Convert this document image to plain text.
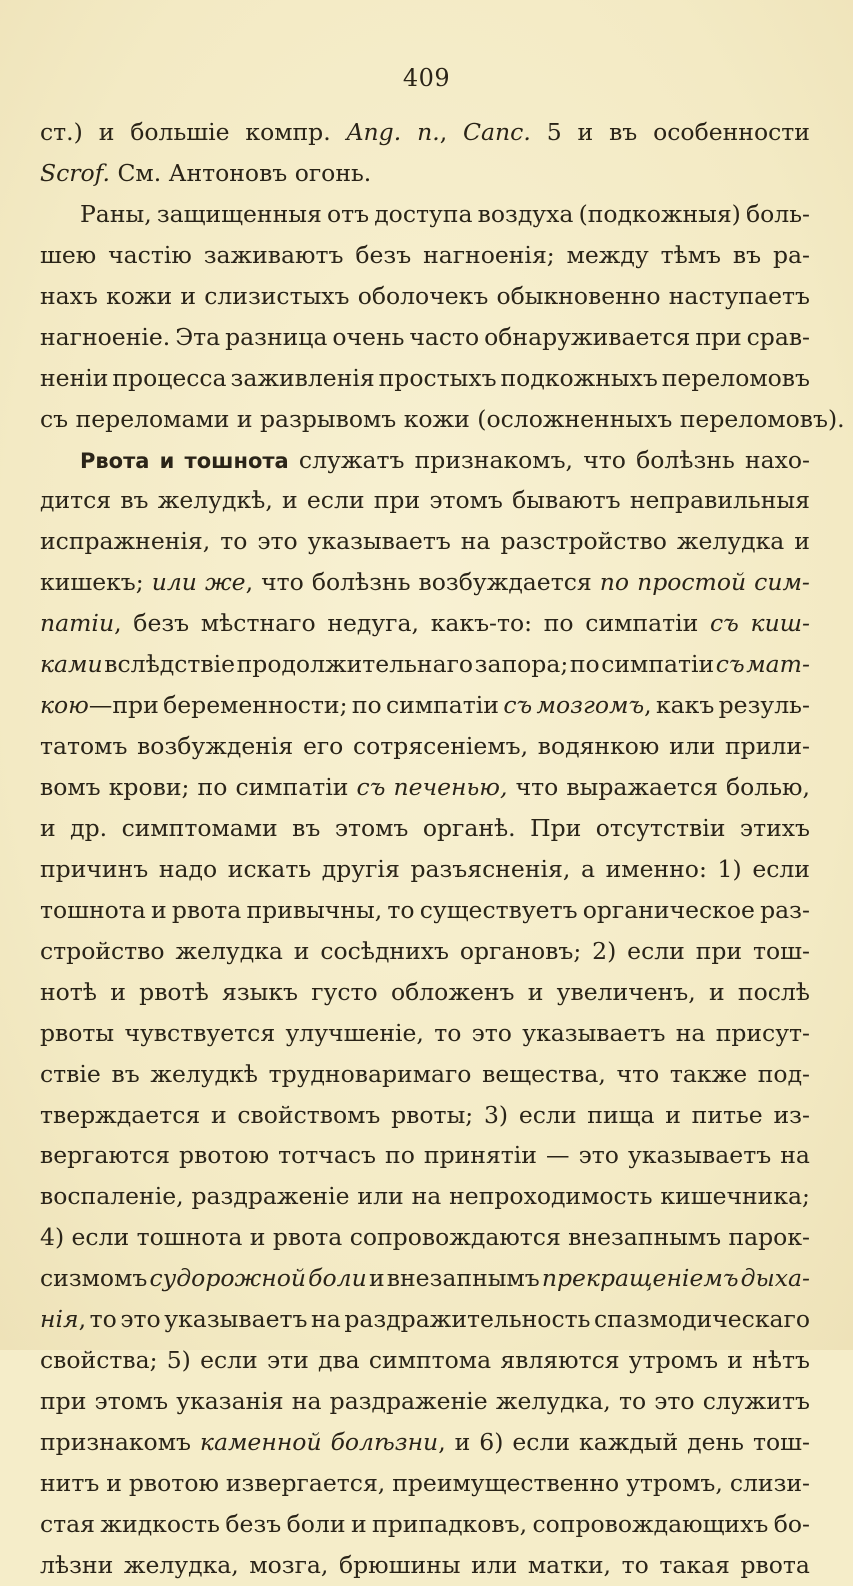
409
ст.) и большіе компр. Ang. n., Canc. 5 и въ особенности
Scrof. См. Антоновъ огонь.
Раны, защищенныя отъ доступа воздуха (подкожныя) боль-
шею частію заживаютъ безъ нагноенія; между тѣмъ въ ра-
нахъ кожи и слизистыхъ оболочекъ обыкновенно наступаетъ
нагноеніе. Эта разница очень часто обнаруживается при срав-
неніи процесса заживленія простыхъ подкожныхъ переломовъ
съ переломами и разрывомъ кожи (осложненныхъ переломовъ).
Рвота и тошнота служатъ признакомъ, что болѣзнь нахо-
дится въ желудкѣ, и если при этомъ бываютъ неправильныя
испражненія, то это указываетъ на разстройство желудка и
кишекъ; или же, что болѣзнь возбуждается по простой сим-
патіи, безъ мѣстнаго недуга, какъ-то: по симпатіи съ киш-
ками вслѣдствіе продолжительнаго запора; по симпатіи съ мат-
кою—при беременности; по симпатіи съ мозгомъ, какъ резуль-
татомъ возбужденія его сотрясеніемъ, водянкою или прили-
вомъ крови; по симпатіи съ печенью, что выражается болью,
и др. симптомами въ этомъ органѣ. При отсутствіи этихъ
причинъ надо искать другія разъясненія, а именно: 1) если
тошнота и рвота привычны, то существуетъ органическое раз-
стройство желудка и сосѣднихъ органовъ; 2) если при тош-
нотѣ и рвотѣ языкъ густо обложенъ и увеличенъ, и послѣ
рвоты чувствуется улучшеніе, то это указываетъ на присут-
ствіе въ желудкѣ трудноваримаго вещества, что также под-
тверждается и свойствомъ рвоты; 3) если пища и питье из-
вергаются рвотою тотчасъ по принятіи — это указываетъ на
воспаленіе, раздраженіе или на непроходимость кишечника;
4) если тошнота и рвота сопровождаются внезапнымъ парок-
сизмомъ судорожной боли и внезапнымъ прекращеніемъ дыха-
нія, то это указываетъ на раздражительность спазмодическаго
свойства; 5) если эти два симптома являются утромъ и нѣтъ
при этомъ указанія на раздраженіе желудка, то это служитъ
признакомъ каменной болѣзни, и 6) если каждый день тош-
нитъ и рвотою извергается, преимущественно утромъ, слизи-
стая жидкость безъ боли и припадковъ, сопровождающихъ бо-
лѣзни желудка, мозга, брюшины или матки, то такая рвота
